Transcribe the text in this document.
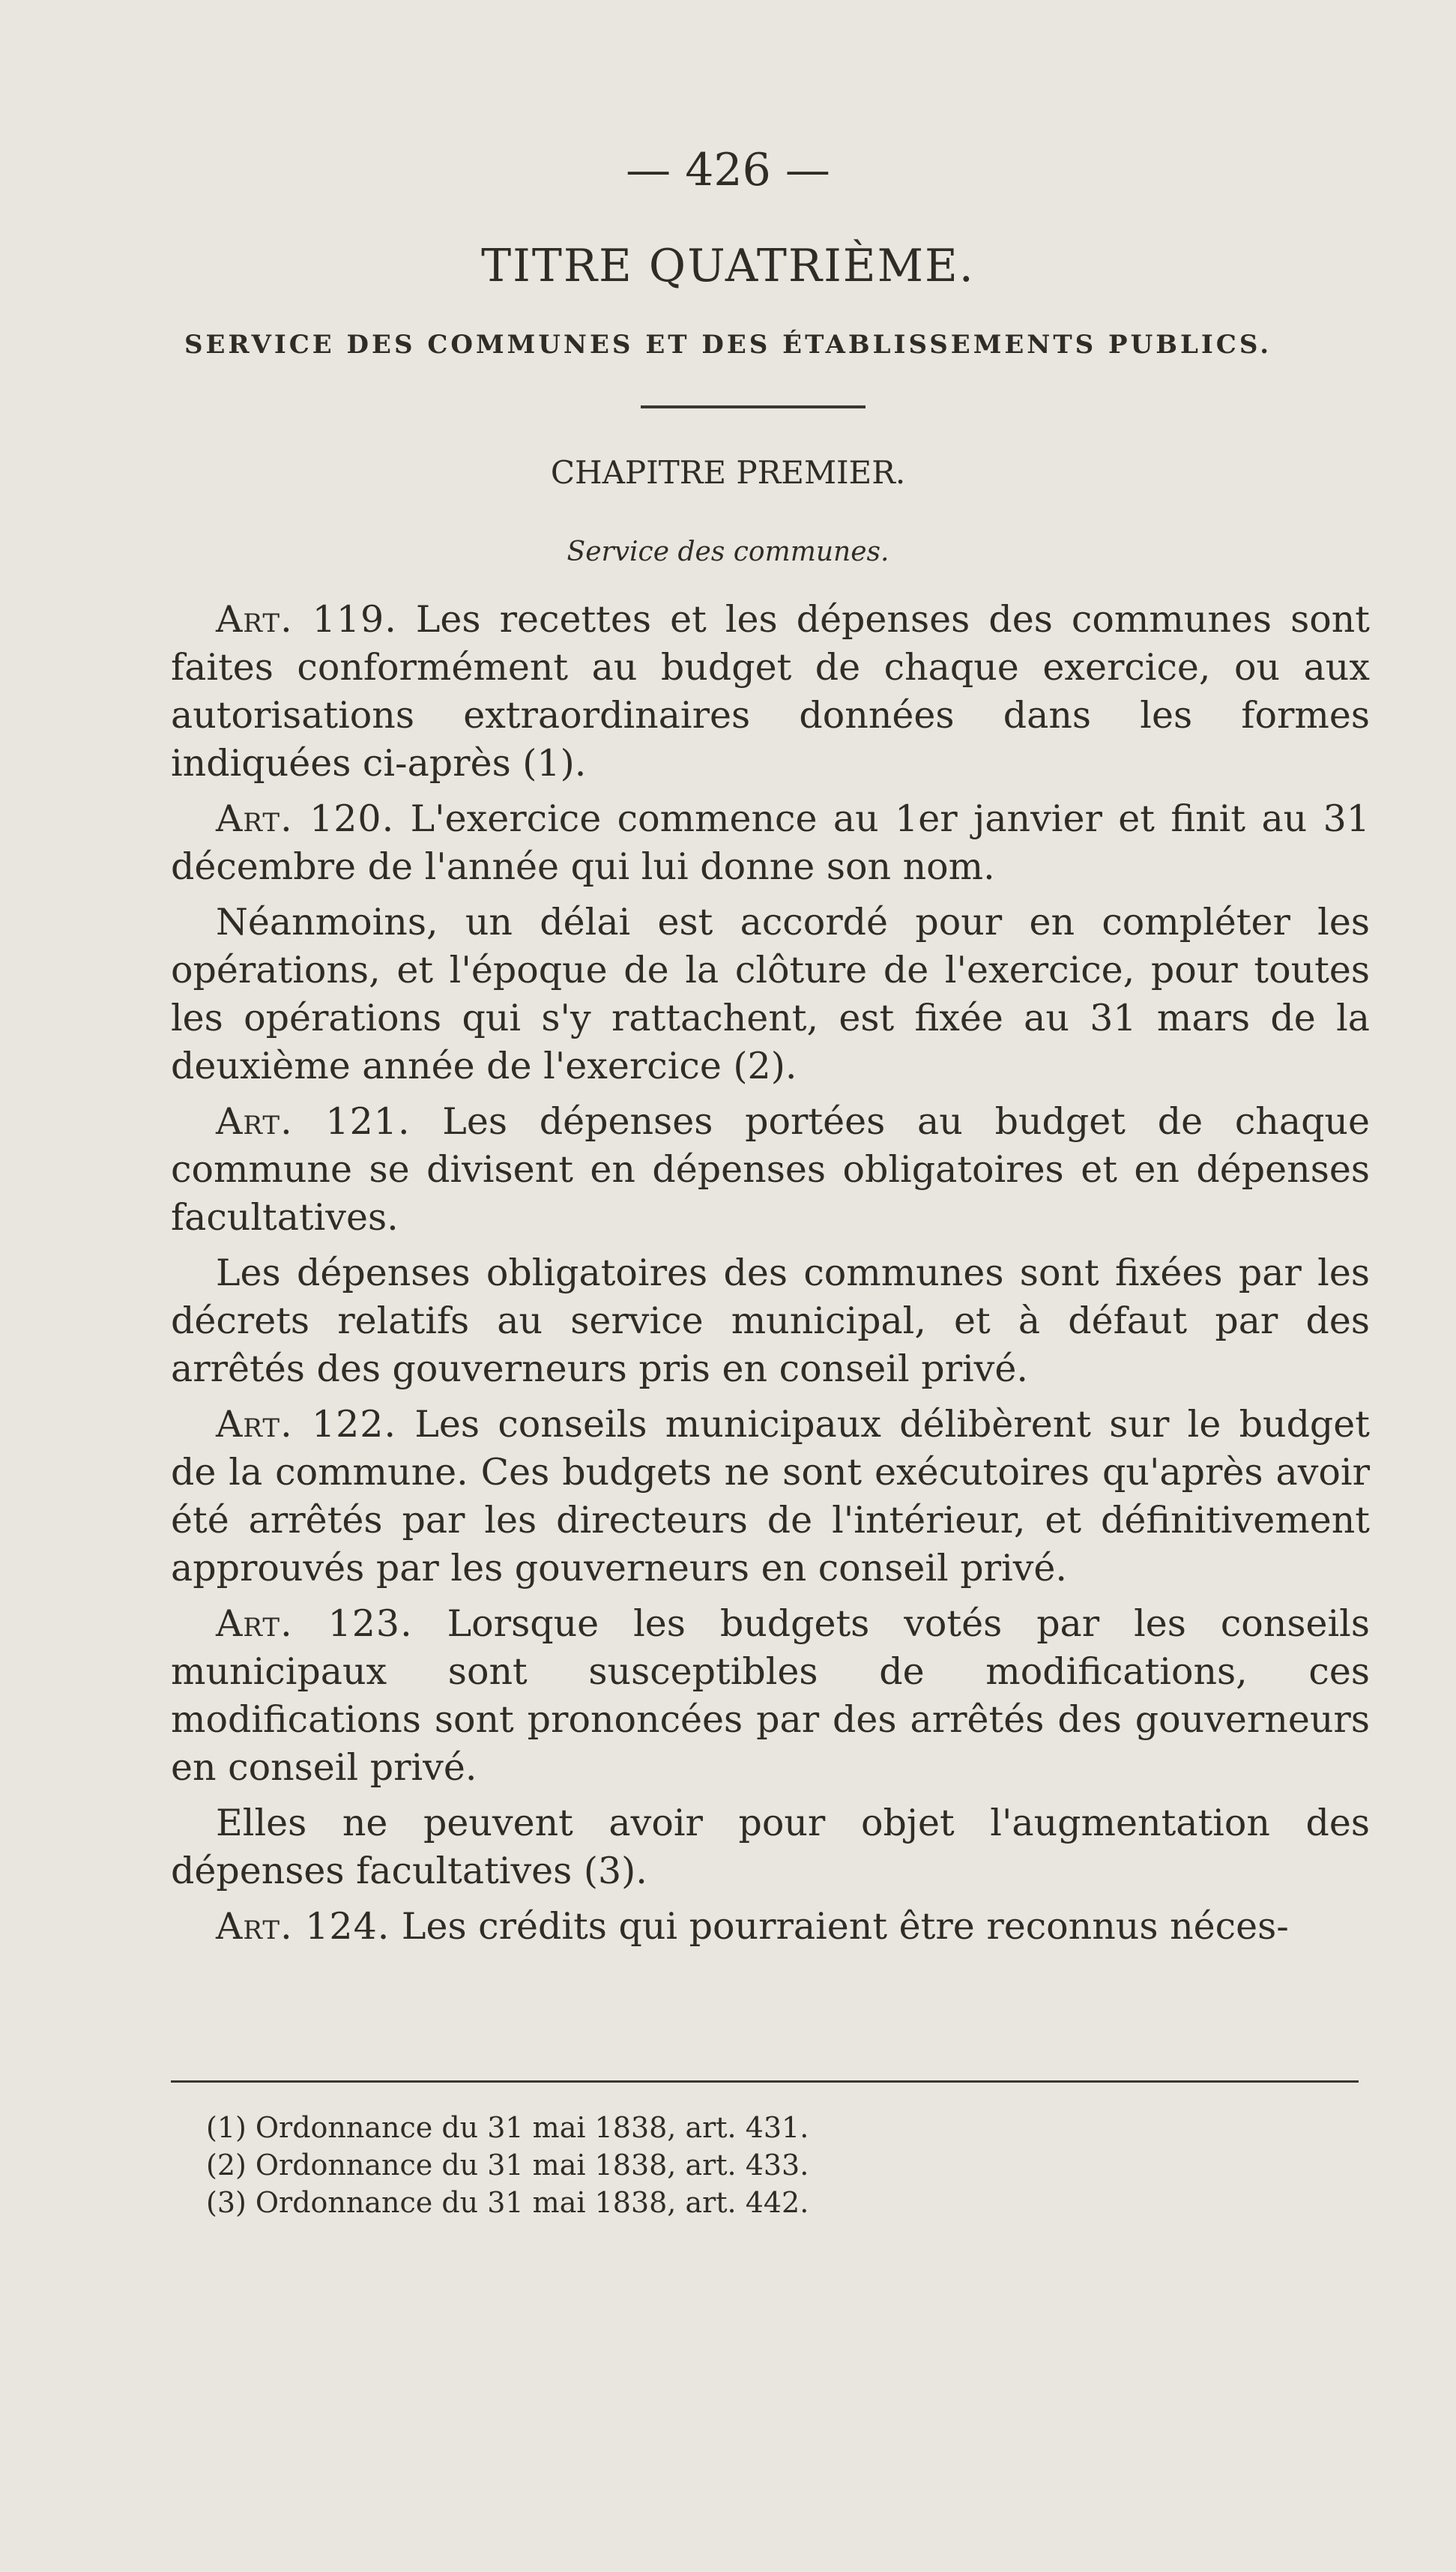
— 426 —
TITRE QUATRIÈME.
SERVICE DES COMMUNES ET DES ÉTABLISSEMENTS PUBLICS.
CHAPITRE PREMIER.
Service des communes.

Art. 119. Les recettes et les dépenses des communes sont faites conformément au budget de chaque exercice, ou aux autorisations extraordinaires données dans les formes indiquées ci-après (1).

Art. 120. L'exercice commence au 1er janvier et finit au 31 décembre de l'année qui lui donne son nom.

Néanmoins, un délai est accordé pour en compléter les opérations, et l'époque de la clôture de l'exercice, pour toutes les opérations qui s'y rattachent, est fixée au 31 mars de la deuxième année de l'exercice (2).

Art. 121. Les dépenses portées au budget de chaque commune se divisent en dépenses obligatoires et en dépenses facultatives.

Les dépenses obligatoires des communes sont fixées par les décrets relatifs au service municipal, et à défaut par des arrêtés des gouverneurs pris en conseil privé.

Art. 122. Les conseils municipaux délibèrent sur le budget de la commune. Ces budgets ne sont exécutoires qu'après avoir été arrêtés par les directeurs de l'intérieur, et définitivement approuvés par les gouverneurs en conseil privé.

Art. 123. Lorsque les budgets votés par les conseils municipaux sont susceptibles de modifications, ces modifications sont prononcées par des arrêtés des gouverneurs en conseil privé.

Elles ne peuvent avoir pour objet l'augmentation des dépenses facultatives (3).

Art. 124. Les crédits qui pourraient être reconnus néces-

(1) Ordonnance du 31 mai 1838, art. 431.
(2) Ordonnance du 31 mai 1838, art. 433.
(3) Ordonnance du 31 mai 1838, art. 442.
